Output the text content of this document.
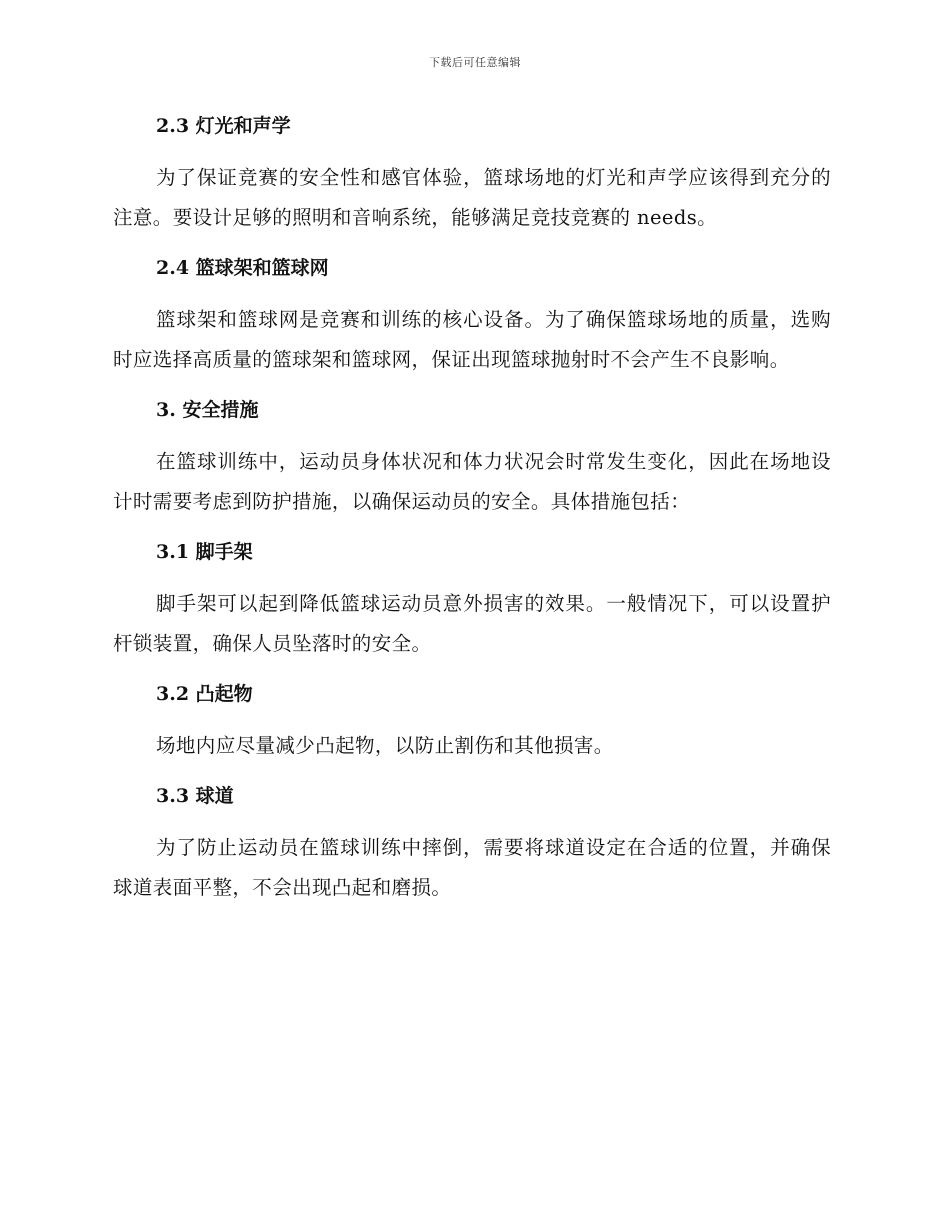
下载后可任意编辑
2.3 灯光和声学

为了保证竞赛的安全性和感官体验，篮球场地的灯光和声学应该得到充分的注意。要设计足够的照明和音响系统，能够满足竞技竞赛的 needs。

2.4 篮球架和篮球网

篮球架和篮球网是竞赛和训练的核心设备。为了确保篮球场地的质量，选购时应选择高质量的篮球架和篮球网，保证出现篮球抛射时不会产生不良影响。

3. 安全措施

在篮球训练中，运动员身体状况和体力状况会时常发生变化，因此在场地设计时需要考虑到防护措施，以确保运动员的安全。具体措施包括：

3.1 脚手架

脚手架可以起到降低篮球运动员意外损害的效果。一般情况下，可以设置护杆锁装置，确保人员坠落时的安全。

3.2 凸起物

场地内应尽量减少凸起物，以防止割伤和其他损害。

3.3 球道

为了防止运动员在篮球训练中摔倒，需要将球道设定在合适的位置，并确保球道表面平整，不会出现凸起和磨损。
